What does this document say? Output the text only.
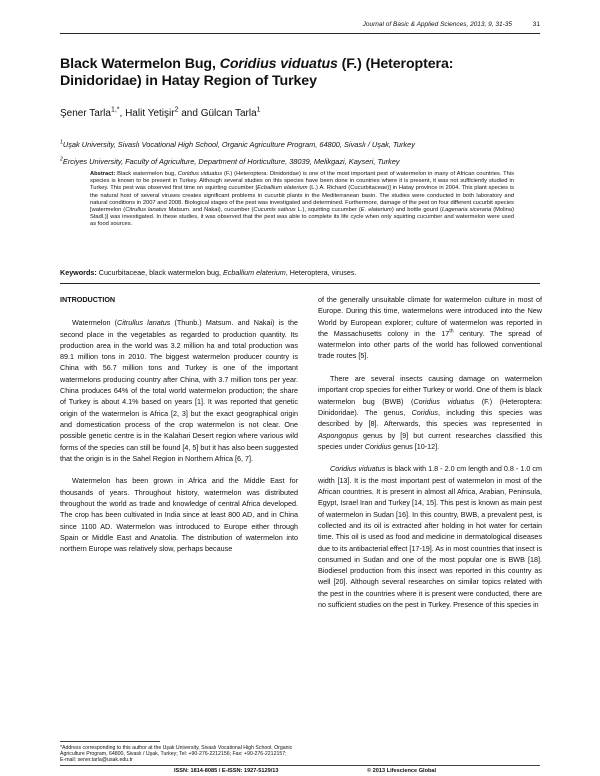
Journal of Basic & Applied Sciences, 2013, 9, 31-35	31
Black Watermelon Bug, Coridius viduatus (F.) (Heteroptera:
Dinidoridae) in Hatay Region of Turkey
Şener Tarla$^{1,*}$, Halit Yetişir$^2$ and Gülcan Tarla$^1$
$^1$Uşak University, Sivaslı Vocational High School, Organic Agriculture Program, 64800, Sivaslı / Uşak, Turkey
$^2$Erciyes University, Faculty of Agriculture, Department of Horticulture, 38039, Melikgazi, Kayseri, Turkey
Abstract: Black watermelon bug, Coridius viduatus (F.) (Heteroptera: Dinidoridae) is one of the most important pest of watermelon in many of African countries. This species is known to be present in Turkey. Although several studies on this species have been done in countries where it is present, it was not sufficiently studied in Turkey. This pest was observed first time on squirting cucumber [Ecballium elaterium (L.) A. Richard (Cucurbitaceae)] in Hatay province in 2004. This plant species is the natural host of several viruses creates significant problems in cucurbit plants in the Mediterranean basin. The studies were conducted in both laboratory and natural conditions in 2007 and 2008. Biological stages of the pest was investigated and determined. Furthermore, damage of the pest on four different cucurbit species [watermelon (Citrullus lanatus Matsum. and Nakai), cucumber (Cucumis sativus L.), squirting cucumber (E. elaterium) and bottle gourd (Lagenaria siceraria (Molina) Stadl.)] was investigated. In these studies, it was observed that the pest was able to complete its life cycle when only squirting cucumber and watermelon were used as food sources.
Keywords: Cucurbitaceae, black watermelon bug, Ecballium elaterium, Heteroptera, viruses.
INTRODUCTION

Watermelon (Citrullus lanatus (Thunb.) Matsum. and Nakai) is the second place in the vegetables as regarded to production quantity. Its production area in the world was 3.2 million ha and total production was 89.1 million tons in 2010. The biggest watermelon producer country is China with 56.7 million tons and Turkey is one of the important watermelons producing country after China, with 3.7 million tons per year. China produces 64% of the total world watermelon production; the share of Turkey is about 4.1% based on years [1]. It was reported that genetic origin of the watermelon is Africa [2, 3] but the exact geographical origin and domestication process of the crop watermelon is not clear. One possible genetic centre is in the Kalahari Desert region where various wild forms of the species can still be found [4, 5] but it has also been suggested that the origin is in the Sahel Region in Northern Africa [6, 7].

Watermelon has been grown in Africa and the Middle East for thousands of years. Throughout history, watermelon was distributed throughout the world as trade and knowledge of central Africa developed. The crop has been cultivated in India since at least 800 AD, and in China since 1100 AD. Watermelon was introduced to Europe either through Spain or Middle East and Anatolia. The distribution of watermelon into northern Europe was relatively slow, perhaps because

of the generally unsuitable climate for watermelon culture in most of Europe. During this time, watermelons were introduced into the New World by European explorer; culture of watermelon was reported in the Massachusetts colony in the 17th century. The spread of watermelon into other parts of the world has followed conventional trade routes [5].

There are several insects causing damage on watermelon important crop species for either Turkey or world. One of them is black watermelon bug (BWB) (Coridius viduatus (F.) (Heteroptera: Dinidoridae). The genus, Coridius, including this species was described by [8]. Afterwards, this species was represented in Aspongopus genus by [9] but current researches classified this species under Coridius genus [10-12].

Coridius viduatus is black with 1.8 - 2.0 cm length and 0.8 - 1.0 cm width [13]. It is the most important pest of watermelon in most of the African countries. It is present in almost all Africa, Arabian, Peninsula, Egypt, Israel Iran and Turkey [14, 15]. This pest is known as main pest of watermelon in Sudan [16]. In this country, BWB, a prevalent pest, is collected and its oil is extracted after holding in hot water for certain time. This oil is used as food and medicine in dermatological diseases due to its antibacterial effect [17-19]. As in most countries that insect is consumed in Sudan and one of the most popular one is BWB [18]. Biodiesel production from this insect was reported in this country as well [20]. Although several researches on similar topics related with the pest in the countries where it is present were conducted, there are no sufficient studies on the pest in Turkey. Presence of this species in

*Address corresponding to this author at the Uşak University, Sivaslı Vocational High School, Organic Agriculture Program, 64800, Sivaslı / Uşak, Turkey; Tel: +90-276-2212156; Fax: +90-276-2212157;
E-mail: sener.tarla@usak.edu.tr
ISSN: 1814-8085 / E-ISSN: 1927-5129/13	© 2013 Lifescience Global
